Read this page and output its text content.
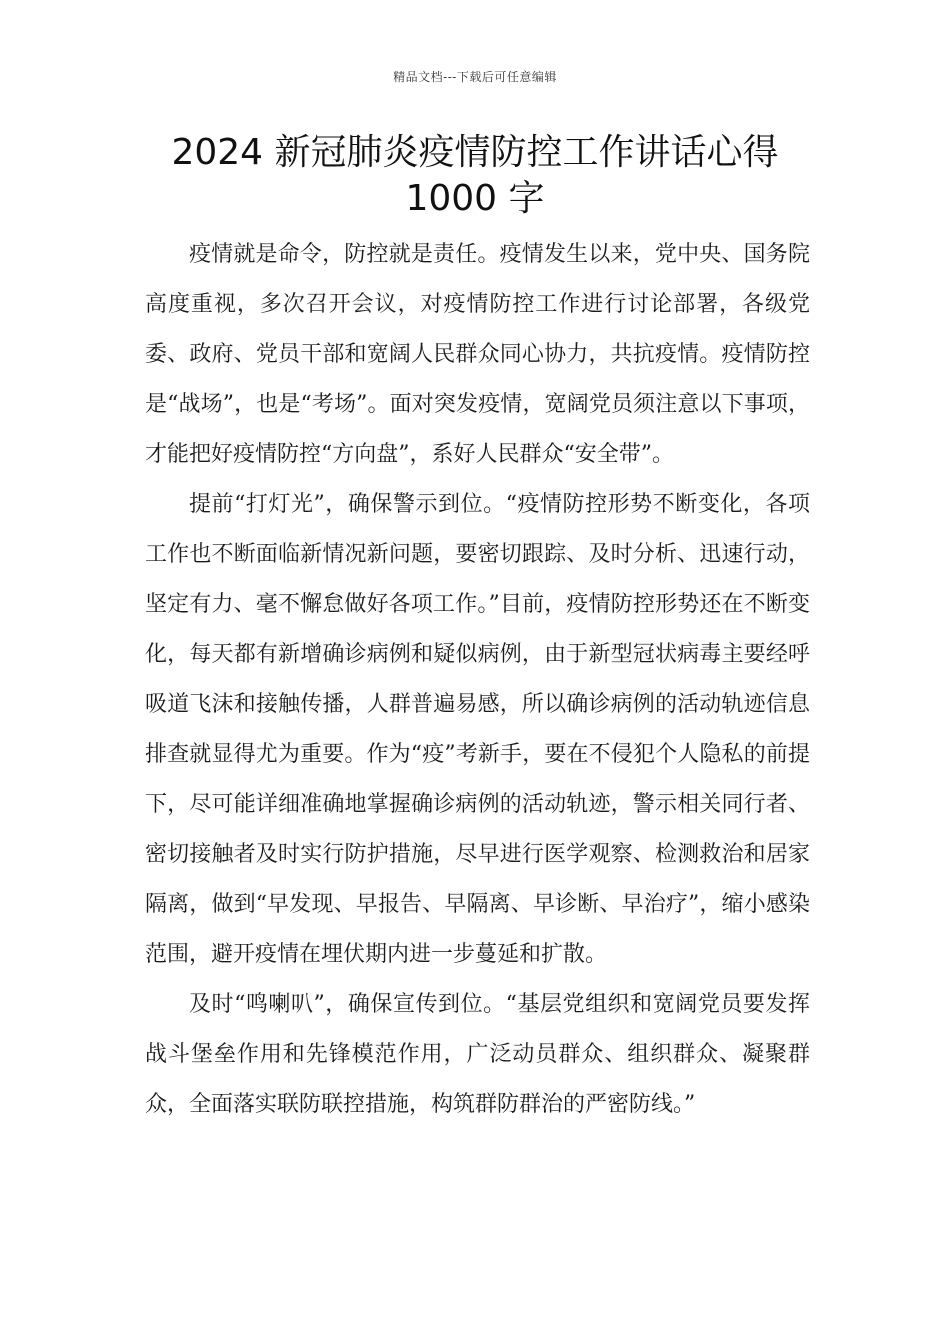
精品文档---下载后可任意编辑
2024 新冠肺炎疫情防控工作讲话心得
1000 字

疫情就是命令，防控就是责任。疫情发生以来，党中央、国务院高度重视，多次召开会议，对疫情防控工作进行讨论部署，各级党委、政府、党员干部和宽阔人民群众同心协力，共抗疫情。疫情防控是“战场”，也是“考场”。面对突发疫情，宽阔党员须注意以下事项，才能把好疫情防控“方向盘”，系好人民群众“安全带”。

提前“打灯光”，确保警示到位。“疫情防控形势不断变化，各项工作也不断面临新情况新问题，要密切跟踪、及时分析、迅速行动，坚定有力、毫不懈怠做好各项工作。”目前，疫情防控形势还在不断变化，每天都有新增确诊病例和疑似病例，由于新型冠状病毒主要经呼吸道飞沫和接触传播，人群普遍易感，所以确诊病例的活动轨迹信息排查就显得尤为重要。作为“疫”考新手，要在不侵犯个人隐私的前提下，尽可能详细准确地掌握确诊病例的活动轨迹，警示相关同行者、密切接触者及时实行防护措施，尽早进行医学观察、检测救治和居家隔离，做到“早发现、早报告、早隔离、早诊断、早治疗”，缩小感染范围，避开疫情在埋伏期内进一步蔓延和扩散。

及时“鸣喇叭”，确保宣传到位。“基层党组织和宽阔党员要发挥战斗堡垒作用和先锋模范作用，广泛动员群众、组织群众、凝聚群众，全面落实联防联控措施，构筑群防群治的严密防线。”
